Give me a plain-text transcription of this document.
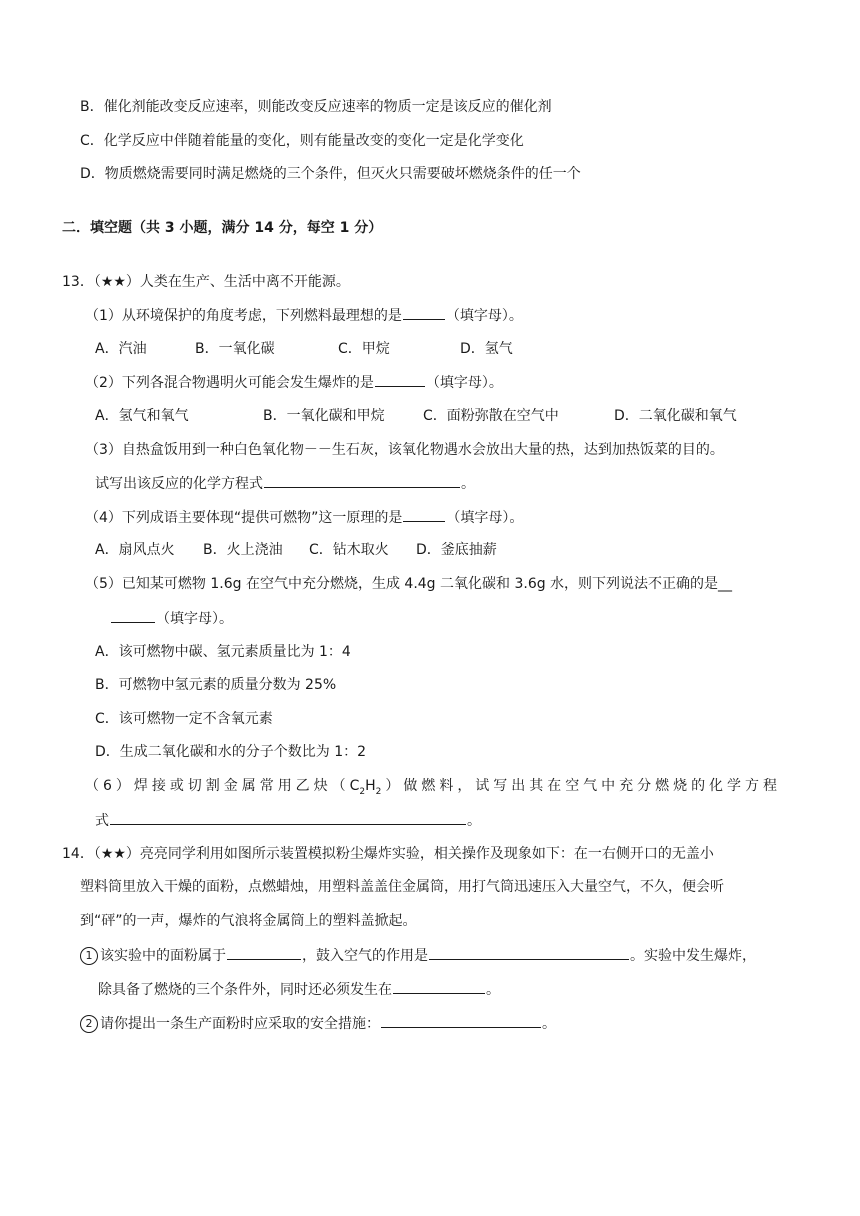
B．催化剂能改变反应速率，则能改变反应速率的物质一定是该反应的催化剂
C．化学反应中伴随着能量的变化，则有能量改变的变化一定是化学变化
D．物质燃烧需要同时满足燃烧的三个条件，但灭火只需要破坏燃烧条件的任一个
二．填空题（共 3 小题，满分 14 分，每空 1 分）
13．（★★）人类在生产、生活中离不开能源。
（1）从环境保护的角度考虑，下列燃料最理想的是	（填字母）。
A．汽油	B．一氧化碳	C．甲烷	D．氢气
（2）下列各混合物遇明火可能会发生爆炸的是	（填字母）。
A．氢气和氧气	B．一氧化碳和甲烷	C．面粉弥散在空气中	D．二氧化碳和氧气
（3）自热盒饭用到一种白色氧化物－－生石灰，该氧化物遇水会放出大量的热，达到加热饭菜的目的。
试写出该反应的化学方程式	。
（4）下列成语主要体现“提供可燃物”这一原理的是	（填字母）。
A．扇风点火 B．火上浇油 C．钻木取火 D．釜底抽薪
（5）已知某可燃物 1.6g 在空气中充分燃烧，生成 4.4g 二氧化碳和 3.6g 水，则下列说法不正确的是__
（填字母）。
A．该可燃物中碳、氢元素质量比为 1：4
B．可燃物中氢元素的质量分数为 25%
C．该可燃物一定不含氧元素
D．生成二氧化碳和水的分子个数比为 1：2
（6）焊接或切割金属常用乙炔$(C_2H_2)$做燃料，试写出其在空气中充分燃烧的化学方程
式	。
14．（★★）亮亮同学利用如图所示装置模拟粉尘爆炸实验，相关操作及现象如下：在一右侧开口的无盖小
塑料筒里放入干燥的面粉，点燃蜡烛，用塑料盖盖住金属筒，用打气筒迅速压入大量空气，不久，便会听
到“砰”的一声，爆炸的气浪将金属筒上的塑料盖掀起。
1 该实验中的面粉属于	，鼓入空气的作用是	。实验中发生爆炸，
除具备了燃烧的三个条件外，同时还必须发生在	。
2 请你提出一条生产面粉时应采取的安全措施：	。
